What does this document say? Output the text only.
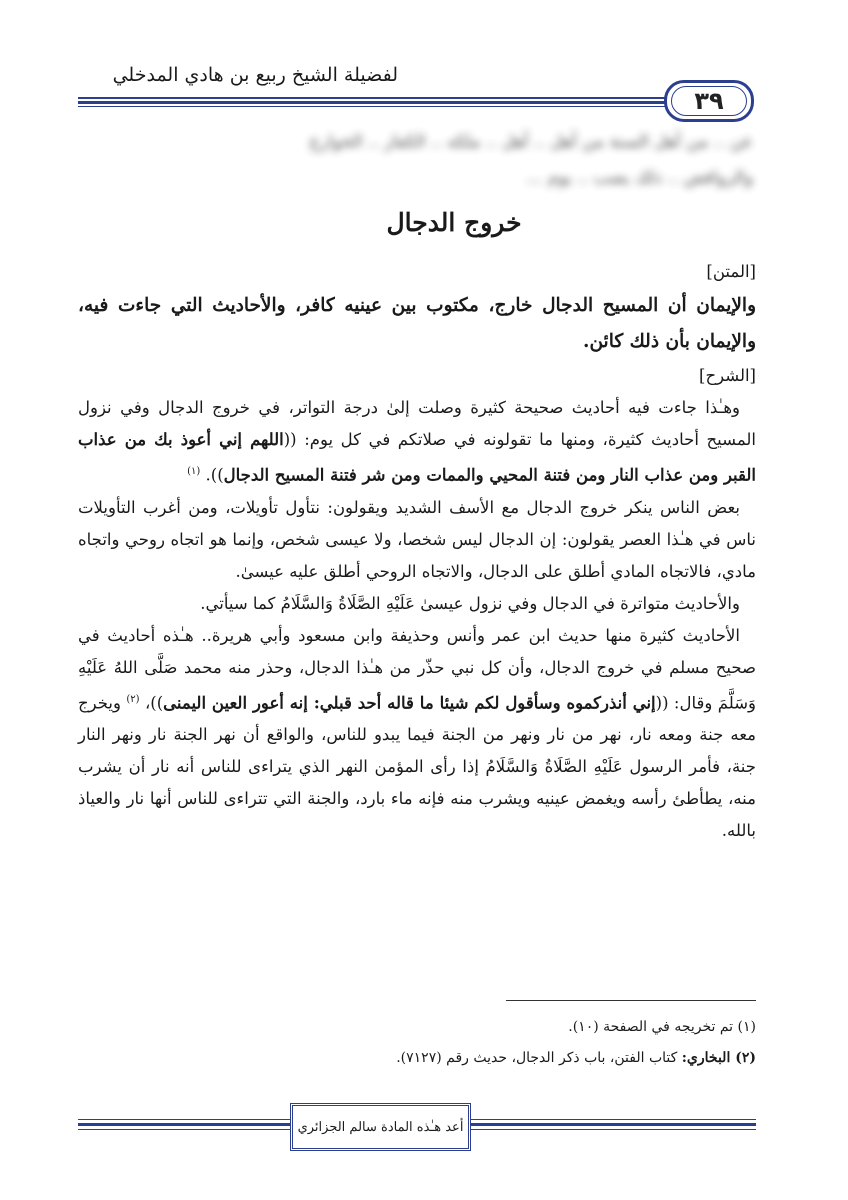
لفضيلة الشيخ ربيع بن هادي المدخلي
٣٩
عن .. من أهل السنة من أهل .. أهل .. ملكه .. الكفار .. الخوارج
والروافض .. ذلك يصب .. يوم ...
خروج الدجال

[المتن]

والإيمان أن المسيح الدجال خارج، مكتوب بين عينيه كافر، والأحاديث التي جاءت فيه، والإيمان بأن ذلك كائن.

[الشرح]

وهـٰذا جاءت فيه أحاديث صحيحة كثيرة وصلت إلىٰ درجة التواتر، في خروج الدجال وفي نزول المسيح أحاديث كثيرة، ومنها ما تقولونه في صلاتكم في كل يوم: ((اللهم إني أعوذ بك من عذاب القبر ومن عذاب النار ومن فتنة المحيي والممات ومن شر فتنة المسيح الدجال)). $^{(١)}$

بعض الناس ينكر خروج الدجال مع الأسف الشديد ويقولون: نتأول تأويلات، ومن أغرب التأويلات ناس في هـٰذا العصر يقولون: إن الدجال ليس شخصا، ولا عيسى شخص، وإنما هو اتجاه روحي واتجاه مادي، فالاتجاه المادي أطلق على الدجال، والاتجاه الروحي أطلق عليه عيسىٰ.

والأحاديث متواترة في الدجال وفي نزول عيسىٰ عَلَيْهِ الصَّلَاةُ وَالسَّلَامُ كما سيأتي.

الأحاديث كثيرة منها حديث ابن عمر وأنس وحذيفة وابن مسعود وأبي هريرة.. هـٰذه أحاديث في صحيح مسلم في خروج الدجال، وأن كل نبي حذّر من هـٰذا الدجال، وحذر منه محمد صَلَّى اللهُ عَلَيْهِ وَسَلَّمَ وقال: ((إني أنذركموه وسأقول لكم شيئا ما قاله أحد قبلي: إنه أعور العين اليمنى))، $^{(٢)}$ ويخرج معه جنة ومعه نار، نهر من نار ونهر من الجنة فيما يبدو للناس، والواقع أن نهر الجنة نار ونهر النار جنة، فأمر الرسول عَلَيْهِ الصَّلَاةُ وَالسَّلَامُ إذا رأى المؤمن النهر الذي يتراءى للناس أنه نار أن يشرب منه، يطأطئ رأسه ويغمض عينيه ويشرب منه فإنه ماء بارد، والجنة التي تتراءى للناس أنها نار والعياذ بالله.

(١) تم تخريجه في الصفحة (١٠).

(٢) البخاري: كتاب الفتن، باب ذكر الدجال، حديث رقم (٧١٢٧).

أعد هـٰذه المادة سالم الجزائري
